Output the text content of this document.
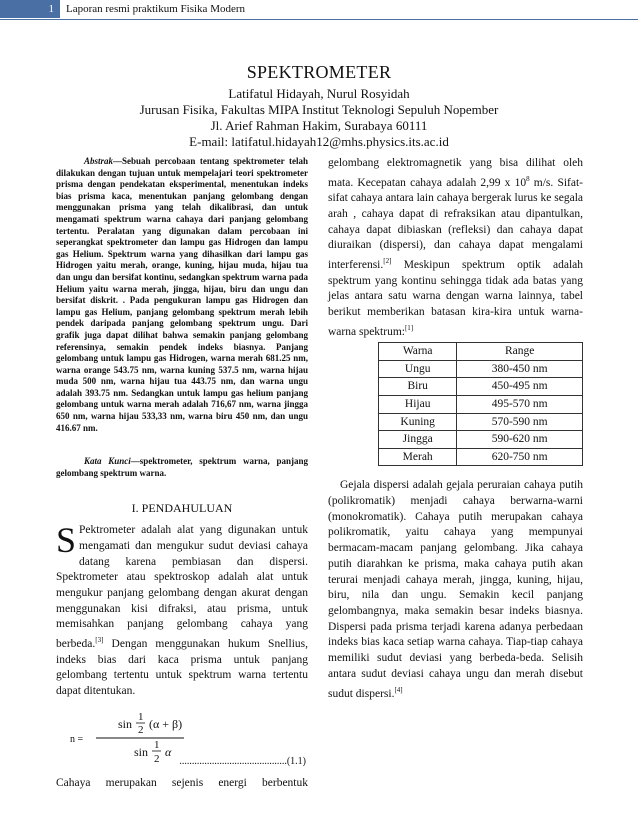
1	Laporan resmi praktikum Fisika Modern
SPEKTROMETER
Latifatul Hidayah, Nurul Rosyidah
Jurusan Fisika, Fakultas MIPA Institut Teknologi Sepuluh Nopember
Jl. Arief Rahman Hakim, Surabaya 60111
E-mail: latifatul.hidayah12@mhs.physics.its.ac.id

Abstrak—Sebuah percobaan tentang spektrometer telah dilakukan dengan tujuan untuk mempelajari teori spektrometer prisma dengan pendekatan eksperimental, menentukan indeks bias prisma kaca, menentukan panjang gelombang dengan menggunakan prisma yang telah dikalibrasi, dan untuk mengamati spektrum warna cahaya dari panjang gelombang tertentu. Peralatan yang digunakan dalam percobaan ini seperangkat spektrometer dan lampu gas Hidrogen dan lampu gas Helium. Spektrum warna yang dihasilkan dari lampu gas Hidrogen yaitu merah, orange, kuning, hijau muda, hijau tua dan ungu dan bersifat kontinu, sedangkan spektrum warna pada Helium yaitu warna merah, jingga, hijau, biru dan ungu dan bersifat diskrit. . Pada pengukuran lampu gas Hidrogen dan lampu gas Helium, panjang gelombang spektrum merah lebih pendek daripada panjang gelombang spektrum ungu. Dari grafik juga dapat dilihat bahwa semakin panjang gelombang referensinya, semakin pendek indeks biasnya. Panjang gelombang untuk lampu gas Hidrogen, warna merah 681.25 nm, warna orange 543.75 nm, warna kuning 537.5 nm, warna hijau muda 500 nm, warna hijau tua 443.75 nm, dan warna ungu adalah 393.75 nm. Sedangkan untuk lampu gas helium panjang gelombang untuk warna merah adalah 716,67 nm, warna jingga 650 nm, warna hijau 533,33 nm, warna biru 450 nm, dan ungu 416.67 nm.

Kata Kunci—spektrometer, spektrum warna, panjang gelombang spektrum warna.

I. PENDAHULUAN

S Pektrometer adalah alat yang digunakan untuk mengamati dan mengukur sudut deviasi cahaya datang karena pembiasan dan dispersi. Spektrometer atau spektroskop adalah alat untuk mengukur panjang gelombang dengan akurat dengan menggunakan kisi difraksi, atau prisma, untuk memisahkan panjang gelombang cahaya yang berbeda.[3] Dengan menggunakan hukum Snellius, indeks bias dari kaca prisma untuk panjang gelombang tertentu untuk spektrum warna tertentu dapat ditentukan.

n =
sin 1
2 (α + β)
sin 1
2 α
...........................................(1.1)

Cahaya merupakan sejenis energi berbentuk

gelombang elektromagnetik yang bisa dilihat oleh mata. Kecepatan cahaya adalah 2,99 x $10^8$ m/s. Sifat-sifat cahaya antara lain cahaya bergerak lurus ke segala arah , cahaya dapat di refraksikan atau dipantulkan, cahaya dapat dibiaskan (refleksi) dan cahaya dapat diuraikan (dispersi), dan cahaya dapat mengalami interferensi.[2] Meskipun spektrum optik adalah spektrum yang kontinu sehingga tidak ada batas yang jelas antara satu warna dengan warna lainnya, tabel berikut memberikan batasan kira-kira untuk warna-warna spektrum:[1]

Warna	Range
Ungu	380-450 nm
Biru	450-495 nm
Hijau	495-570 nm
Kuning	570-590 nm
Jingga	590-620 nm
Merah	620-750 nm

Gejala dispersi adalah gejala peruraian cahaya putih (polikromatik) menjadi cahaya berwarna-warni (monokromatik). Cahaya putih merupakan cahaya polikromatik, yaitu cahaya yang mempunyai bermacam-macam panjang gelombang. Jika cahaya putih diarahkan ke prisma, maka cahaya putih akan terurai menjadi cahaya merah, jingga, kuning, hijau, biru, nila dan ungu. Semakin kecil panjang gelombangnya, maka semakin besar indeks biasnya. Dispersi pada prisma terjadi karena adanya perbedaan indeks bias kaca setiap warna cahaya. Tiap-tiap cahaya memiliki sudut deviasi yang berbeda-beda. Selisih antara sudut deviasi cahaya ungu dan merah disebut sudut dispersi.[4]
